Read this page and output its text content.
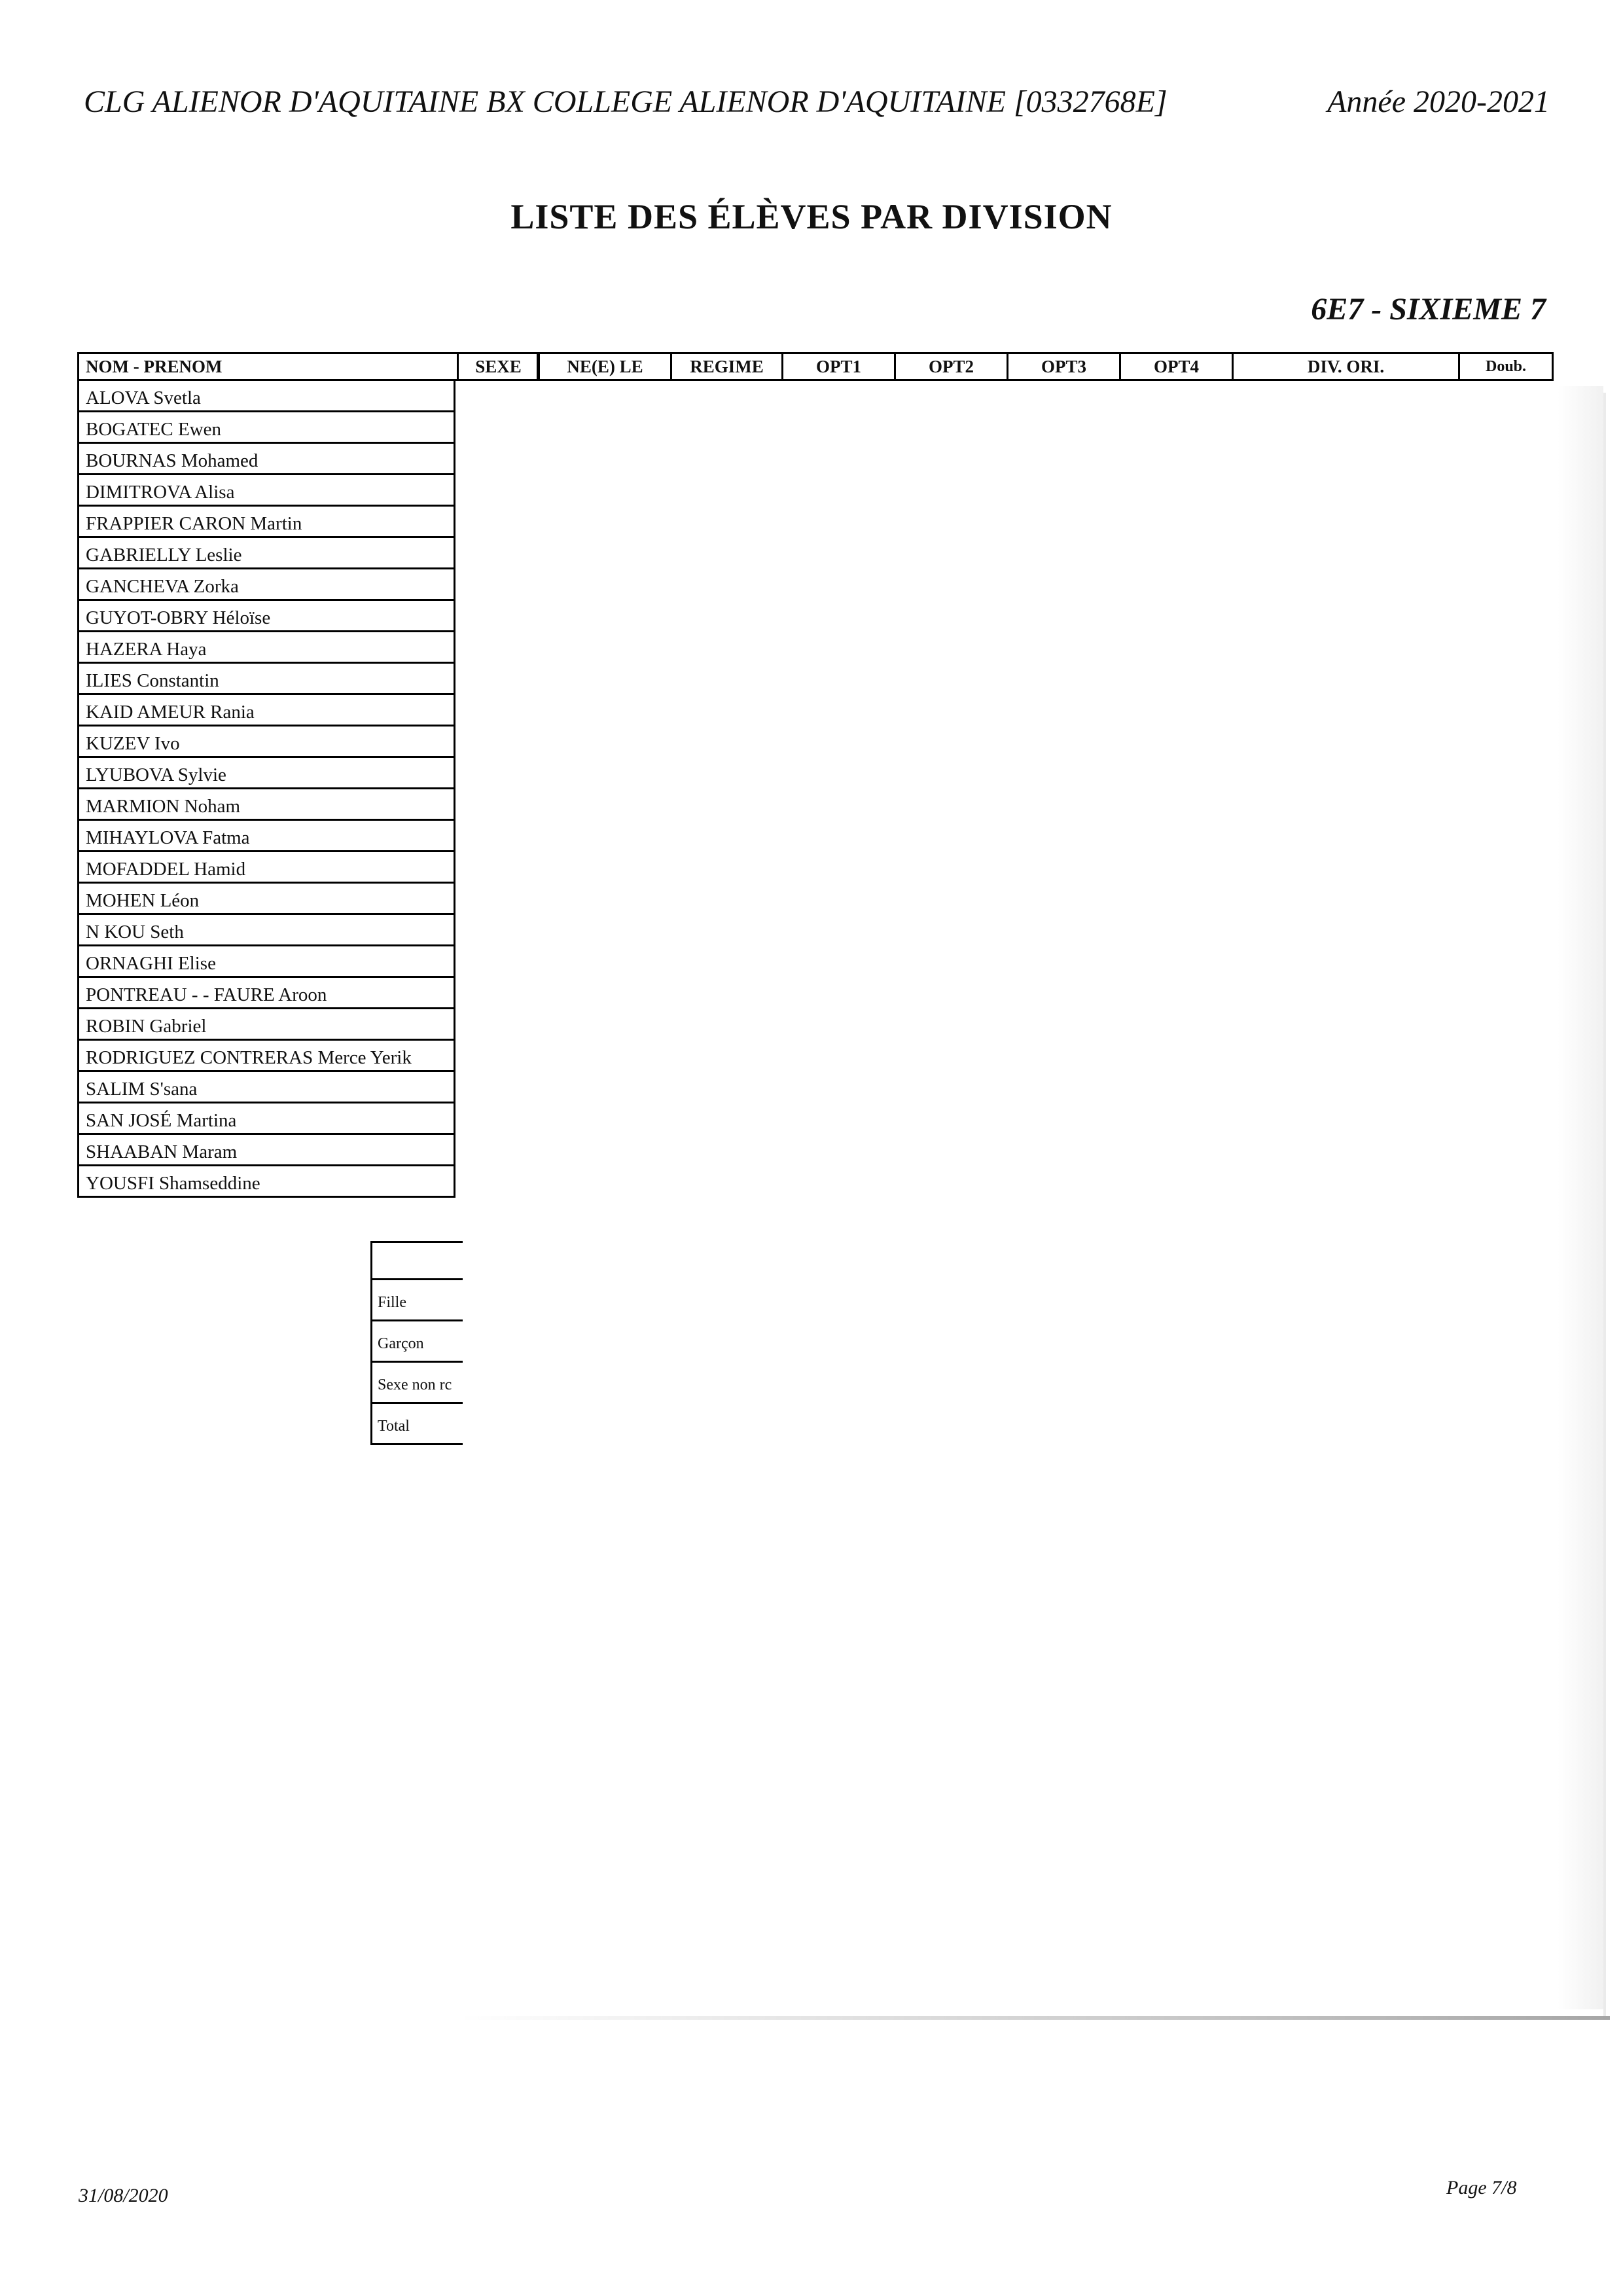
CLG ALIENOR D'AQUITAINE BX COLLEGE ALIENOR D'AQUITAINE [0332768E]	Année 2020-2021
LISTE DES ÉLÈVES PAR DIVISION
6E7 - SIXIEME 7
NOM - PRENOM	SEXE	NE(E) LE	REGIME	OPT1	OPT2	OPT3	OPT4	DIV. ORI.	Doub.
ALOVA Svetla
BOGATEC Ewen
BOURNAS Mohamed
DIMITROVA Alisa
FRAPPIER CARON Martin
GABRIELLY Leslie
GANCHEVA Zorka
GUYOT-OBRY Héloïse
HAZERA Haya
ILIES Constantin
KAID AMEUR Rania
KUZEV Ivo
LYUBOVA Sylvie
MARMION Noham
MIHAYLOVA Fatma
MOFADDEL Hamid
MOHEN Léon
N KOU Seth
ORNAGHI Elise
PONTREAU - - FAURE Aroon
ROBIN Gabriel
RODRIGUEZ CONTRERAS Merce Yerik
SALIM S'sana
SAN JOSÉ Martina
SHAABAN Maram
YOUSFI Shamseddine
Fille
Garçon
Sexe non rc
Total
31/08/2020	Page 7/8
